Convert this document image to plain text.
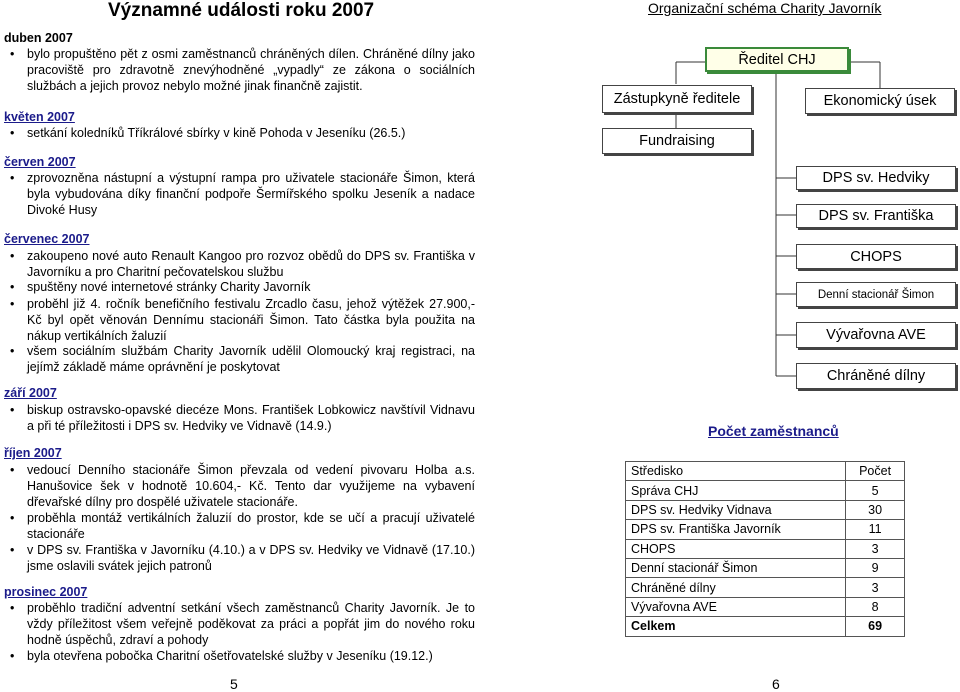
Významné události roku 2007
duben 2007
•	bylo propuštěno pět z osmi zaměstnanců chráněných dílen. Chráněné dílny jako pracoviště pro zdravotně znevýhodněné „vypadly“ ze zákona o sociálních službách a jejich provoz nebylo možné jinak finančně zajistit.
květen 2007
•	setkání koledníků Tříkrálové sbírky v kině Pohoda v Jeseníku (26.5.)
červen 2007
•	zprovozněna nástupní a výstupní rampa pro uživatele stacionáře Šimon, která byla vybudována díky finanční podpoře Šermířského spolku Jeseník a nadace Divoké Husy
červenec 2007
•	zakoupeno nové auto Renault Kangoo pro rozvoz obědů do DPS sv. Františka v Javorníku a pro Charitní pečovatelskou službu
•	spuštěny nové internetové stránky Charity Javorník
•	proběhl již 4. ročník benefičního festivalu Zrcadlo času, jehož výtěžek 27.900,- Kč byl opět věnován Dennímu stacionáři Šimon. Tato částka byla použita na nákup vertikálních žaluzií
•	všem sociálním službám Charity Javorník udělil Olomoucký kraj registraci, na jejímž základě máme oprávnění je poskytovat
září 2007
•	biskup ostravsko-opavské diecéze Mons. František Lobkowicz navštívil Vidnavu a při té příležitosti i DPS sv. Hedviky ve Vidnavě (14.9.)
říjen 2007
•	vedoucí Denního stacionáře Šimon převzala od vedení pivovaru Holba a.s. Hanušovice šek v hodnotě 10.604,- Kč. Tento dar využijeme na vybavení dřevařské dílny pro dospělé uživatele stacionáře.
•	proběhla montáž vertikálních žaluzií do prostor, kde se učí a pracují uživatelé stacionáře
•	v DPS sv. Františka v Javorníku (4.10.) a v DPS sv. Hedviky ve Vidnavě (17.10.) jsme oslavili svátek jejich patronů
prosinec 2007
•	proběhlo tradiční adventní setkání všech zaměstnanců Charity Javorník. Je to vždy příležitost všem veřejně poděkovat za práci a popřát jim do nového roku hodně úspěchů, zdraví a pohody
•	byla otevřena pobočka Charitní ošetřovatelské služby v Jeseníku (19.12.)
5
Organizační schéma Charity Javorník
Ředitel CHJ
Zástupkyně ředitele	Ekonomický úsek
Fundraising
DPS sv. Hedviky
DPS sv. Františka
CHOPS
Denní stacionář Šimon
Vývařovna AVE
Chráněné dílny
Počet zaměstnanců
Středisko	Počet
Správa CHJ	5
DPS sv. Hedviky Vidnava	30
DPS sv. Františka Javorník	11
CHOPS	3
Denní stacionář Šimon	9
Chráněné dílny	3
Vývařovna AVE	8
Celkem	69
6
